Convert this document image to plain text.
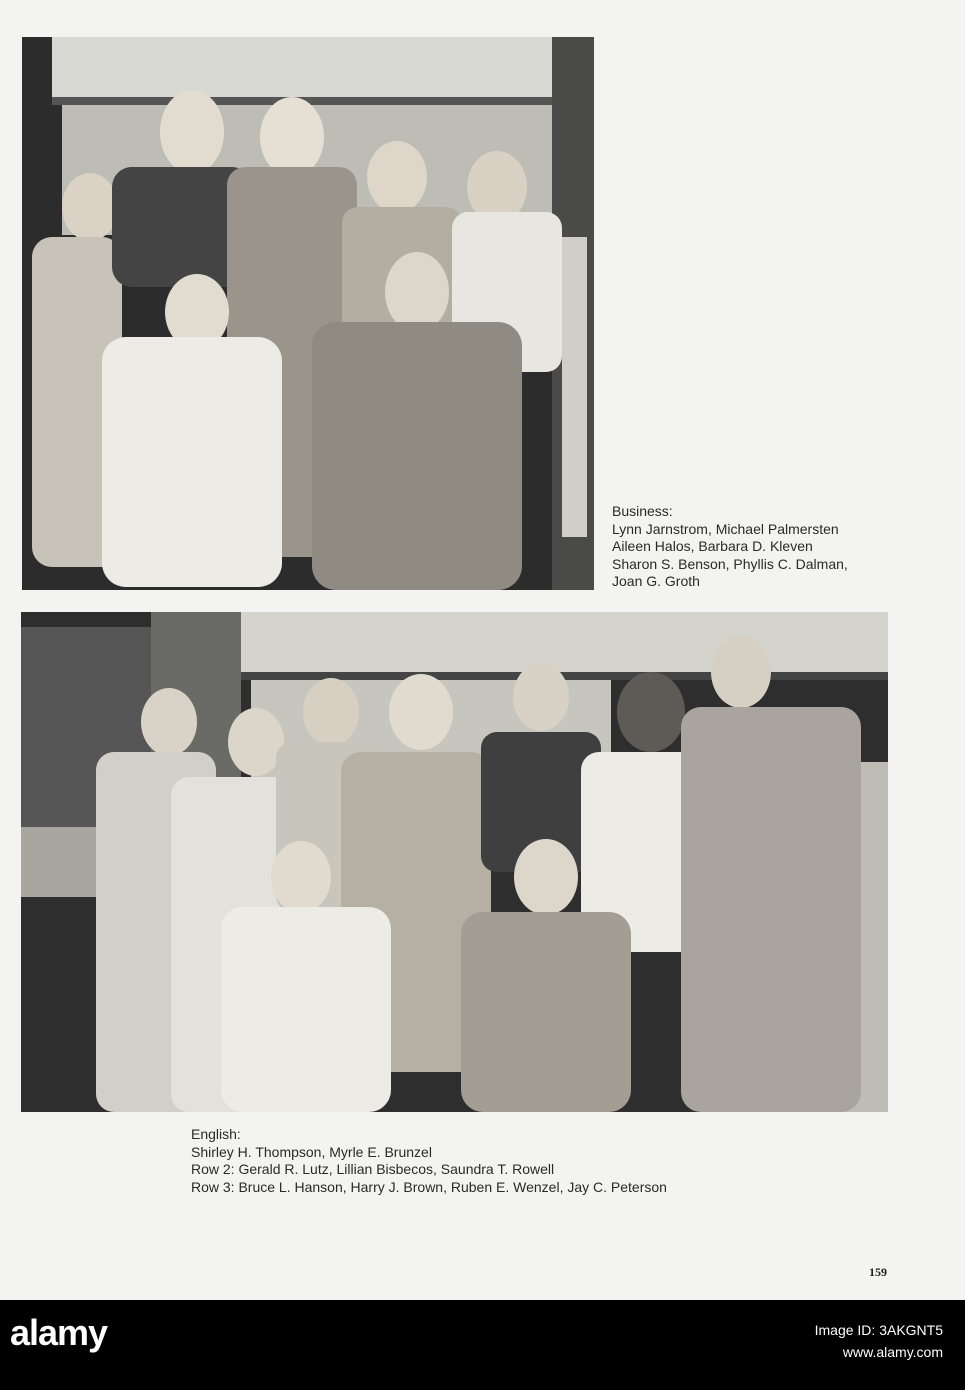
Business:
Lynn Jarnstrom, Michael Palmersten
Aileen Halos, Barbara D. Kleven
Sharon S. Benson, Phyllis C. Dalman,
Joan G. Groth
English:
Shirley H. Thompson, Myrle E. Brunzel
Row 2: Gerald R. Lutz, Lillian Bisbecos, Saundra T. Rowell
Row 3: Bruce L. Hanson, Harry J. Brown, Ruben E. Wenzel, Jay C. Peterson
159
alamy	Image ID: 3AKGNT5
www.alamy.com
